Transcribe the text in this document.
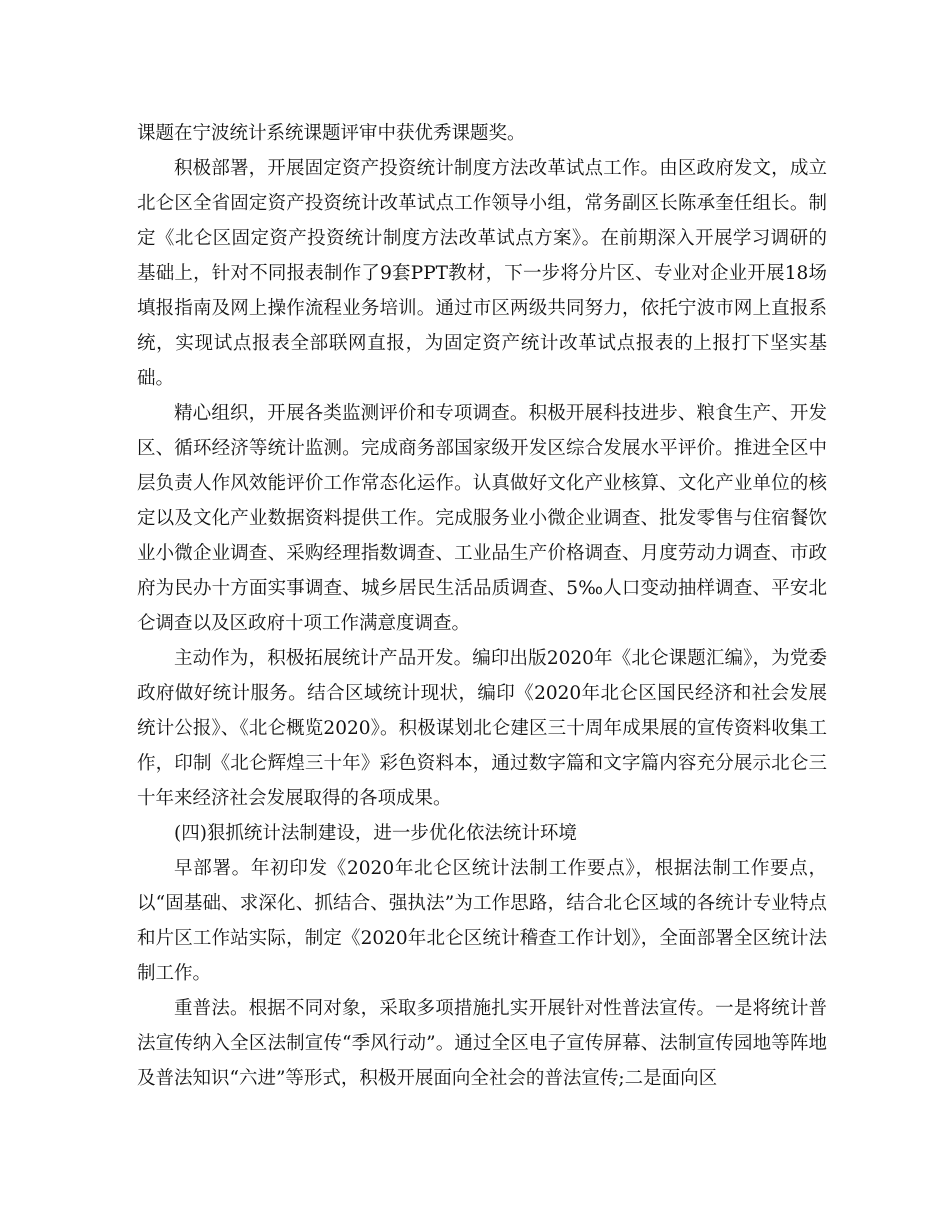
课题在宁波统计系统课题评审中获优秀课题奖。

积极部署，开展固定资产投资统计制度方法改革试点工作。由区政府发文，成立北仑区全省固定资产投资统计改革试点工作领导小组，常务副区长陈承奎任组长。制定《北仑区固定资产投资统计制度方法改革试点方案》。在前期深入开展学习调研的基础上，针对不同报表制作了9套PPT教材，下一步将分片区、专业对企业开展18场填报指南及网上操作流程业务培训。通过市区两级共同努力，依托宁波市网上直报系统，实现试点报表全部联网直报，为固定资产统计改革试点报表的上报打下坚实基础。

精心组织，开展各类监测评价和专项调查。积极开展科技进步、粮食生产、开发区、循环经济等统计监测。完成商务部国家级开发区综合发展水平评价。推进全区中层负责人作风效能评价工作常态化运作。认真做好文化产业核算、文化产业单位的核定以及文化产业数据资料提供工作。完成服务业小微企业调查、批发零售与住宿餐饮业小微企业调查、采购经理指数调查、工业品生产价格调查、月度劳动力调查、市政府为民办十方面实事调查、城乡居民生活品质调查、5‰人口变动抽样调查、平安北仑调查以及区政府十项工作满意度调查。

主动作为，积极拓展统计产品开发。编印出版2020年《北仑课题汇编》，为党委政府做好统计服务。结合区域统计现状，编印《2020年北仑区国民经济和社会发展统计公报》、《北仑概览2020》。积极谋划北仑建区三十周年成果展的宣传资料收集工作，印制《北仑辉煌三十年》彩色资料本，通过数字篇和文字篇内容充分展示北仑三十年来经济社会发展取得的各项成果。

(四)狠抓统计法制建设，进一步优化依法统计环境

早部署。年初印发《2020年北仑区统计法制工作要点》，根据法制工作要点，以“固基础、求深化、抓结合、强执法”为工作思路，结合北仑区域的各统计专业特点和片区工作站实际，制定《2020年北仑区统计稽查工作计划》，全面部署全区统计法制工作。

重普法。根据不同对象，采取多项措施扎实开展针对性普法宣传。一是将统计普法宣传纳入全区法制宣传“季风行动”。通过全区电子宣传屏幕、法制宣传园地等阵地及普法知识“六进”等形式，积极开展面向全社会的普法宣传;二是面向区
